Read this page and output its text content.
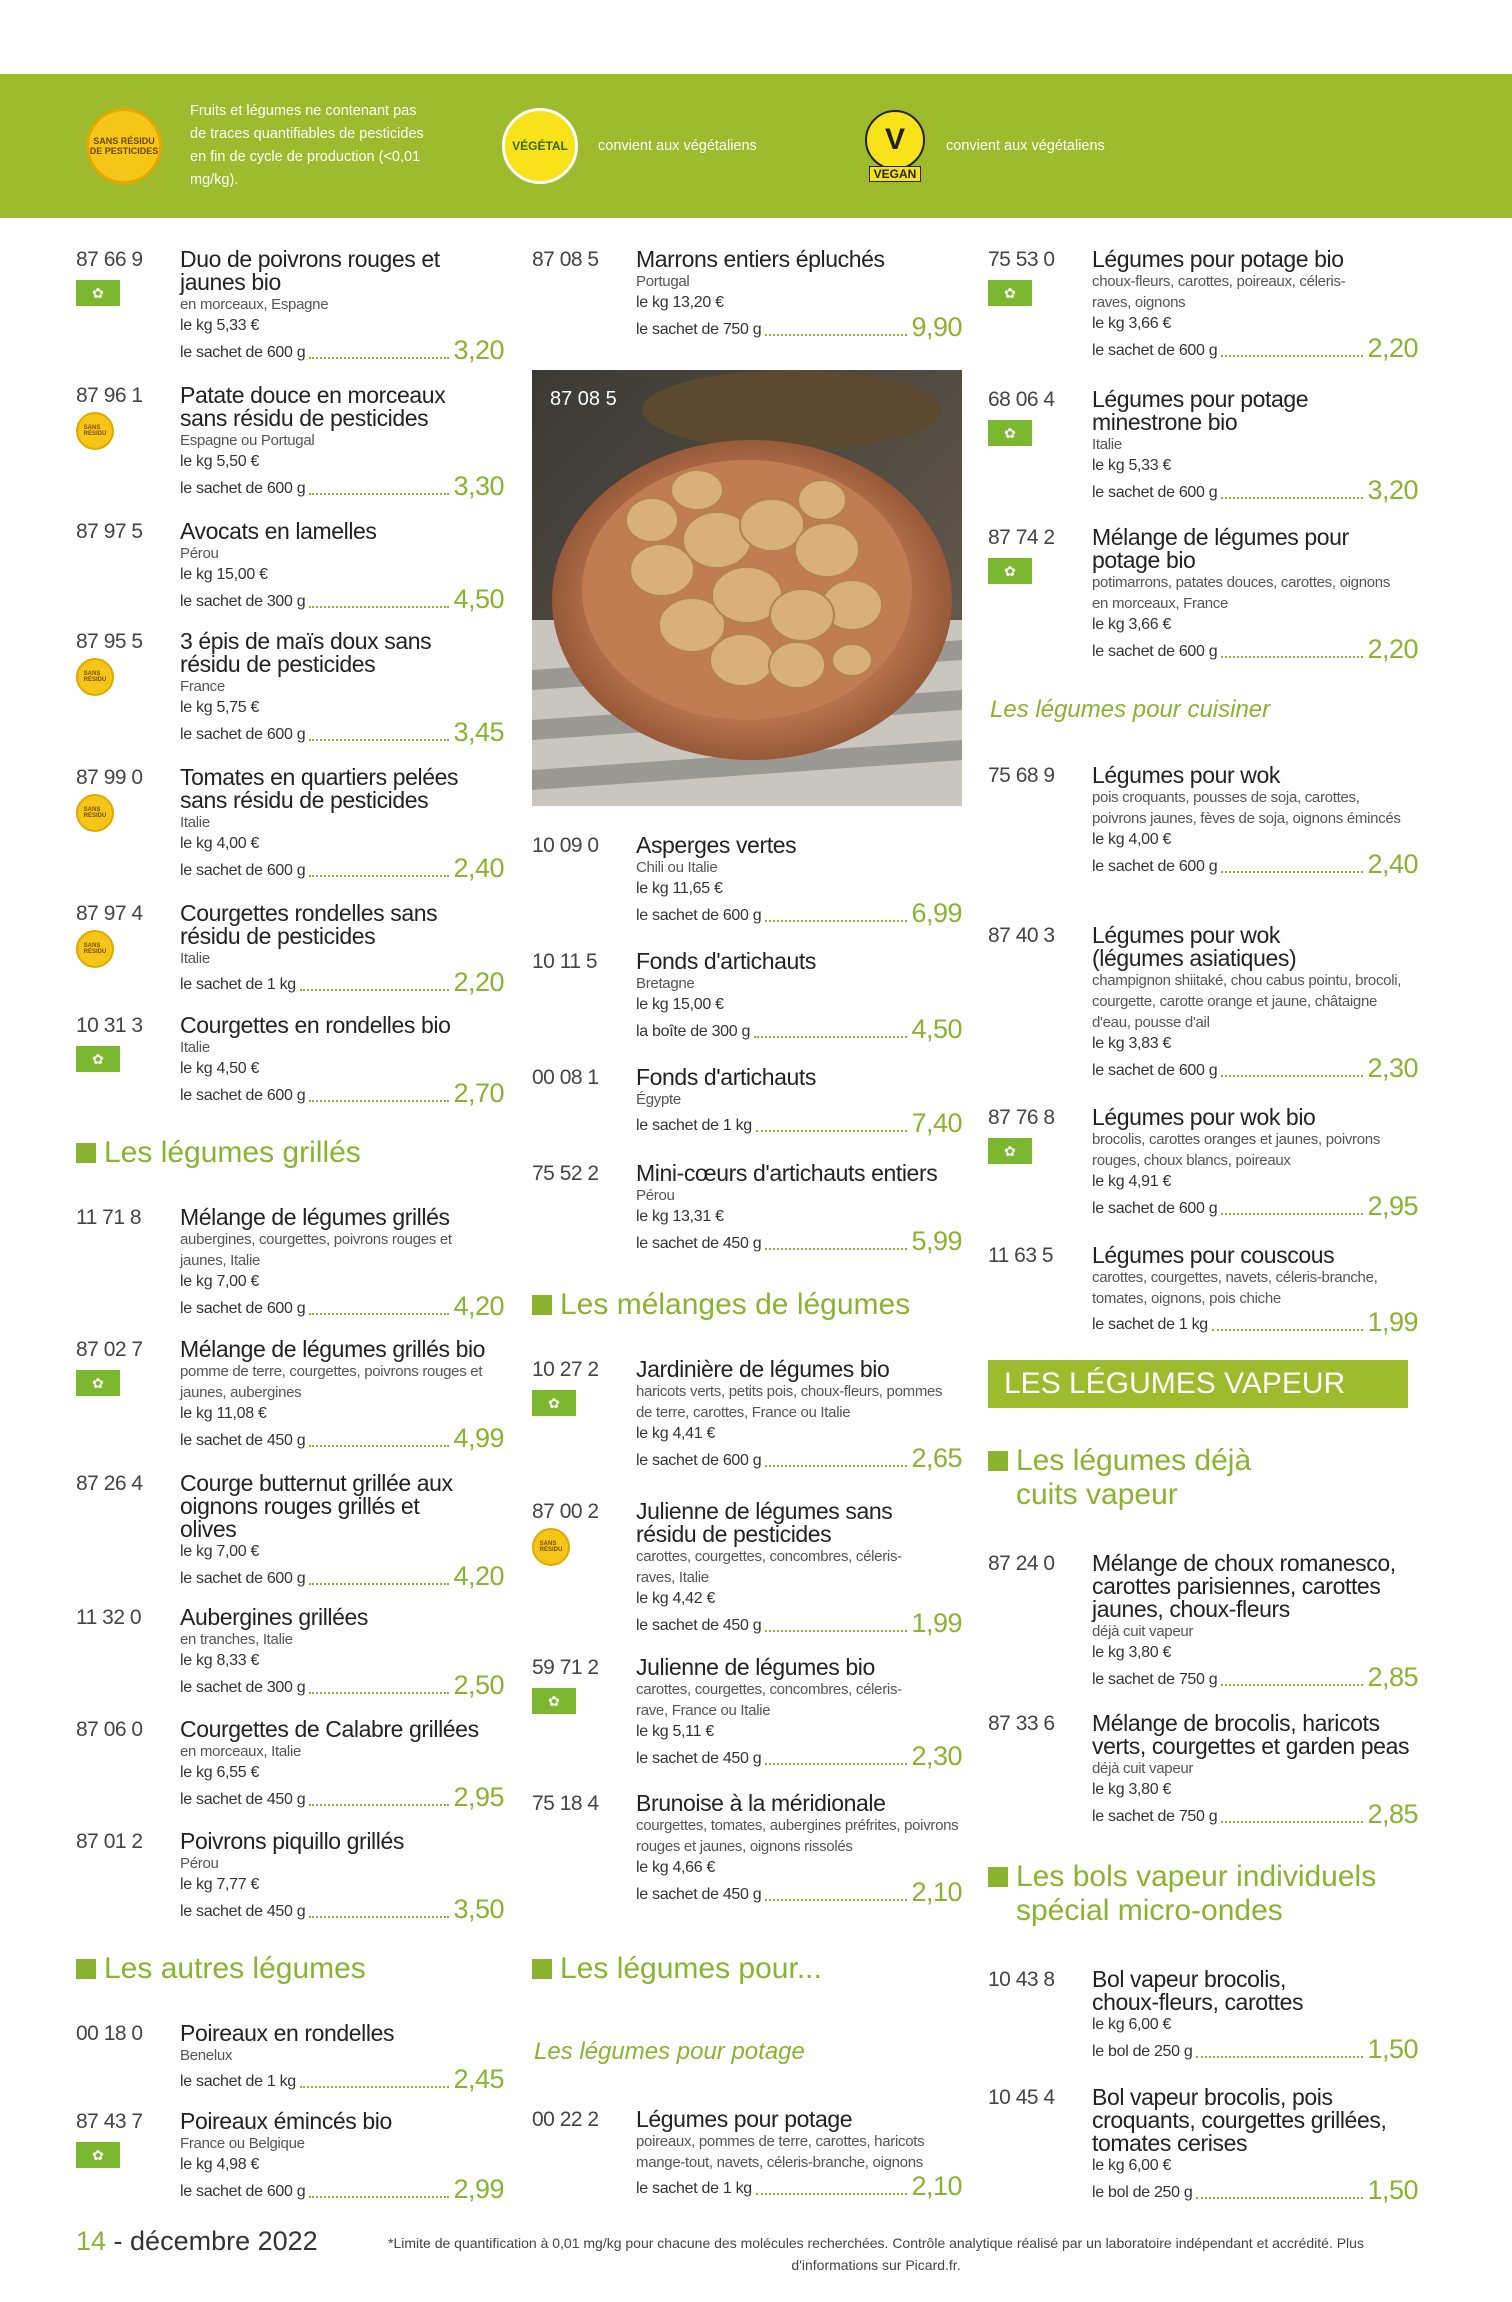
SANS RÉSIDU DE PESTICIDES
Fruits et légumes ne contenant pas de traces quantifiables de pesticides en fin de cycle de production (<0,01 mg/kg).
VÉGÉTAL convient aux végétaliens	V
VEGAN
convient aux végétaliens
87 66 9
✿
Duo de poivrons rouges et jaunes bio
en morceaux, Espagne
le kg 5,33 €
le sachet de 600 g	3,20
87 96 1
SANS
RÉSIDU
Patate douce en morceaux sans résidu de pesticides
Espagne ou Portugal
le kg 5,50 €
le sachet de 600 g	3,30
87 97 5 Avocats en lamelles
Pérou
le kg 15,00 €
le sachet de 300 g	4,50
87 95 5
SANS
RÉSIDU
3 épis de maïs doux sans résidu de pesticides
France
le kg 5,75 €
le sachet de 600 g	3,45
87 99 0
SANS
RÉSIDU
Tomates en quartiers pelées sans résidu de pesticides
Italie
le kg 4,00 €
le sachet de 600 g	2,40
87 97 4
SANS
RÉSIDU
Courgettes rondelles sans résidu de pesticides
Italie
le sachet de 1 kg	2,20
10 31 3
✿
Courgettes en rondelles bio
Italie
le kg 4,50 €
le sachet de 600 g	2,70
Les légumes grillés
11 71 8 Mélange de légumes grillés
aubergines, courgettes, poivrons rouges et jaunes, Italie
le kg 7,00 €
le sachet de 600 g	4,20
87 02 7
✿
Mélange de légumes grillés bio
pomme de terre, courgettes, poivrons rouges et jaunes, aubergines
le kg 11,08 €
le sachet de 450 g	4,99
87 26 4 Courge butternut grillée aux oignons rouges grillés et olives
le kg 7,00 €
le sachet de 600 g	4,20
11 32 0 Aubergines grillées
en tranches, Italie
le kg 8,33 €
le sachet de 300 g	2,50
87 06 0 Courgettes de Calabre grillées
en morceaux, Italie
le kg 6,55 €
le sachet de 450 g	2,95
87 01 2 Poivrons piquillo grillés
Pérou
le kg 7,77 €
le sachet de 450 g	3,50
Les autres légumes
00 18 0 Poireaux en rondelles
Benelux
le sachet de 1 kg	2,45
87 43 7
✿
Poireaux émincés bio
France ou Belgique
le kg 4,98 €
le sachet de 600 g	2,99
87 08 5 Marrons entiers épluchés
Portugal
le kg 13,20 €
le sachet de 750 g	9,90
87 08 5
10 09 0 Asperges vertes
Chili ou Italie
le kg 11,65 €
le sachet de 600 g	6,99
10 11 5 Fonds d'artichauts
Bretagne
le kg 15,00 €
la boîte de 300 g	4,50
00 08 1 Fonds d'artichauts
Égypte
le sachet de 1 kg	7,40
75 52 2 Mini-cœurs d'artichauts entiers
Pérou
le kg 13,31 €
le sachet de 450 g	5,99
Les mélanges de légumes
10 27 2
✿
Jardinière de légumes bio
haricots verts, petits pois, choux-fleurs, pommes de terre, carottes, France ou Italie
le kg 4,41 €
le sachet de 600 g	2,65
87 00 2
SANS
RÉSIDU
Julienne de légumes sans résidu de pesticides
carottes, courgettes, concombres, céleris-raves, Italie
le kg 4,42 €
le sachet de 450 g	1,99
59 71 2
✿
Julienne de légumes bio
carottes, courgettes, concombres, céleris-rave, France ou Italie
le kg 5,11 €
le sachet de 450 g	2,30
75 18 4 Brunoise à la méridionale
courgettes, tomates, aubergines préfrites, poivrons rouges et jaunes, oignons rissolés
le kg 4,66 €
le sachet de 450 g	2,10
Les légumes pour...
Les légumes pour potage
00 22 2 Légumes pour potage
poireaux, pommes de terre, carottes, haricots mange-tout, navets, céleris-branche, oignons
le sachet de 1 kg	2,10
75 53 0
✿
Légumes pour potage bio
choux-fleurs, carottes, poireaux, céleris-raves, oignons
le kg 3,66 €
le sachet de 600 g	2,20
68 06 4
✿
Légumes pour potage minestrone bio
Italie
le kg 5,33 €
le sachet de 600 g	3,20
87 74 2
✿
Mélange de légumes pour potage bio
potimarrons, patates douces, carottes, oignons en morceaux, France
le kg 3,66 €
le sachet de 600 g	2,20
Les légumes pour cuisiner
75 68 9 Légumes pour wok
pois croquants, pousses de soja, carottes, poivrons jaunes, fèves de soja, oignons émincés
le kg 4,00 €
le sachet de 600 g	2,40
87 40 3 Légumes pour wok (légumes asiatiques)
champignon shiitaké, chou cabus pointu, brocoli, courgette, carotte orange et jaune, châtaigne d'eau, pousse d'ail
le kg 3,83 €
le sachet de 600 g	2,30
87 76 8
✿
Légumes pour wok bio
brocolis, carottes oranges et jaunes, poivrons rouges, choux blancs, poireaux
le kg 4,91 €
le sachet de 600 g	2,95
11 63 5 Légumes pour couscous
carottes, courgettes, navets, céleris-branche, tomates, oignons, pois chiche
le sachet de 1 kg	1,99
LES LÉGUMES VAPEUR
Les légumes déjà cuits vapeur
87 24 0 Mélange de choux romanesco, carottes parisiennes, carottes jaunes, choux-fleurs
déjà cuit vapeur
le kg 3,80 €
le sachet de 750 g	2,85
87 33 6 Mélange de brocolis, haricots verts, courgettes et garden peas
déjà cuit vapeur
le kg 3,80 €
le sachet de 750 g	2,85
Les bols vapeur individuels spécial micro-ondes
10 43 8 Bol vapeur brocolis, choux-fleurs, carottes
le kg 6,00 €
le bol de 250 g	1,50
10 45 4 Bol vapeur brocolis, pois croquants, courgettes grillées, tomates cerises
le kg 6,00 €
le bol de 250 g	1,50
14 - décembre 2022	*Limite de quantification à 0,01 mg/kg pour chacune des molécules recherchées. Contrôle analytique réalisé par un laboratoire indépendant et accrédité. Plus d'informations sur Picard.fr.
